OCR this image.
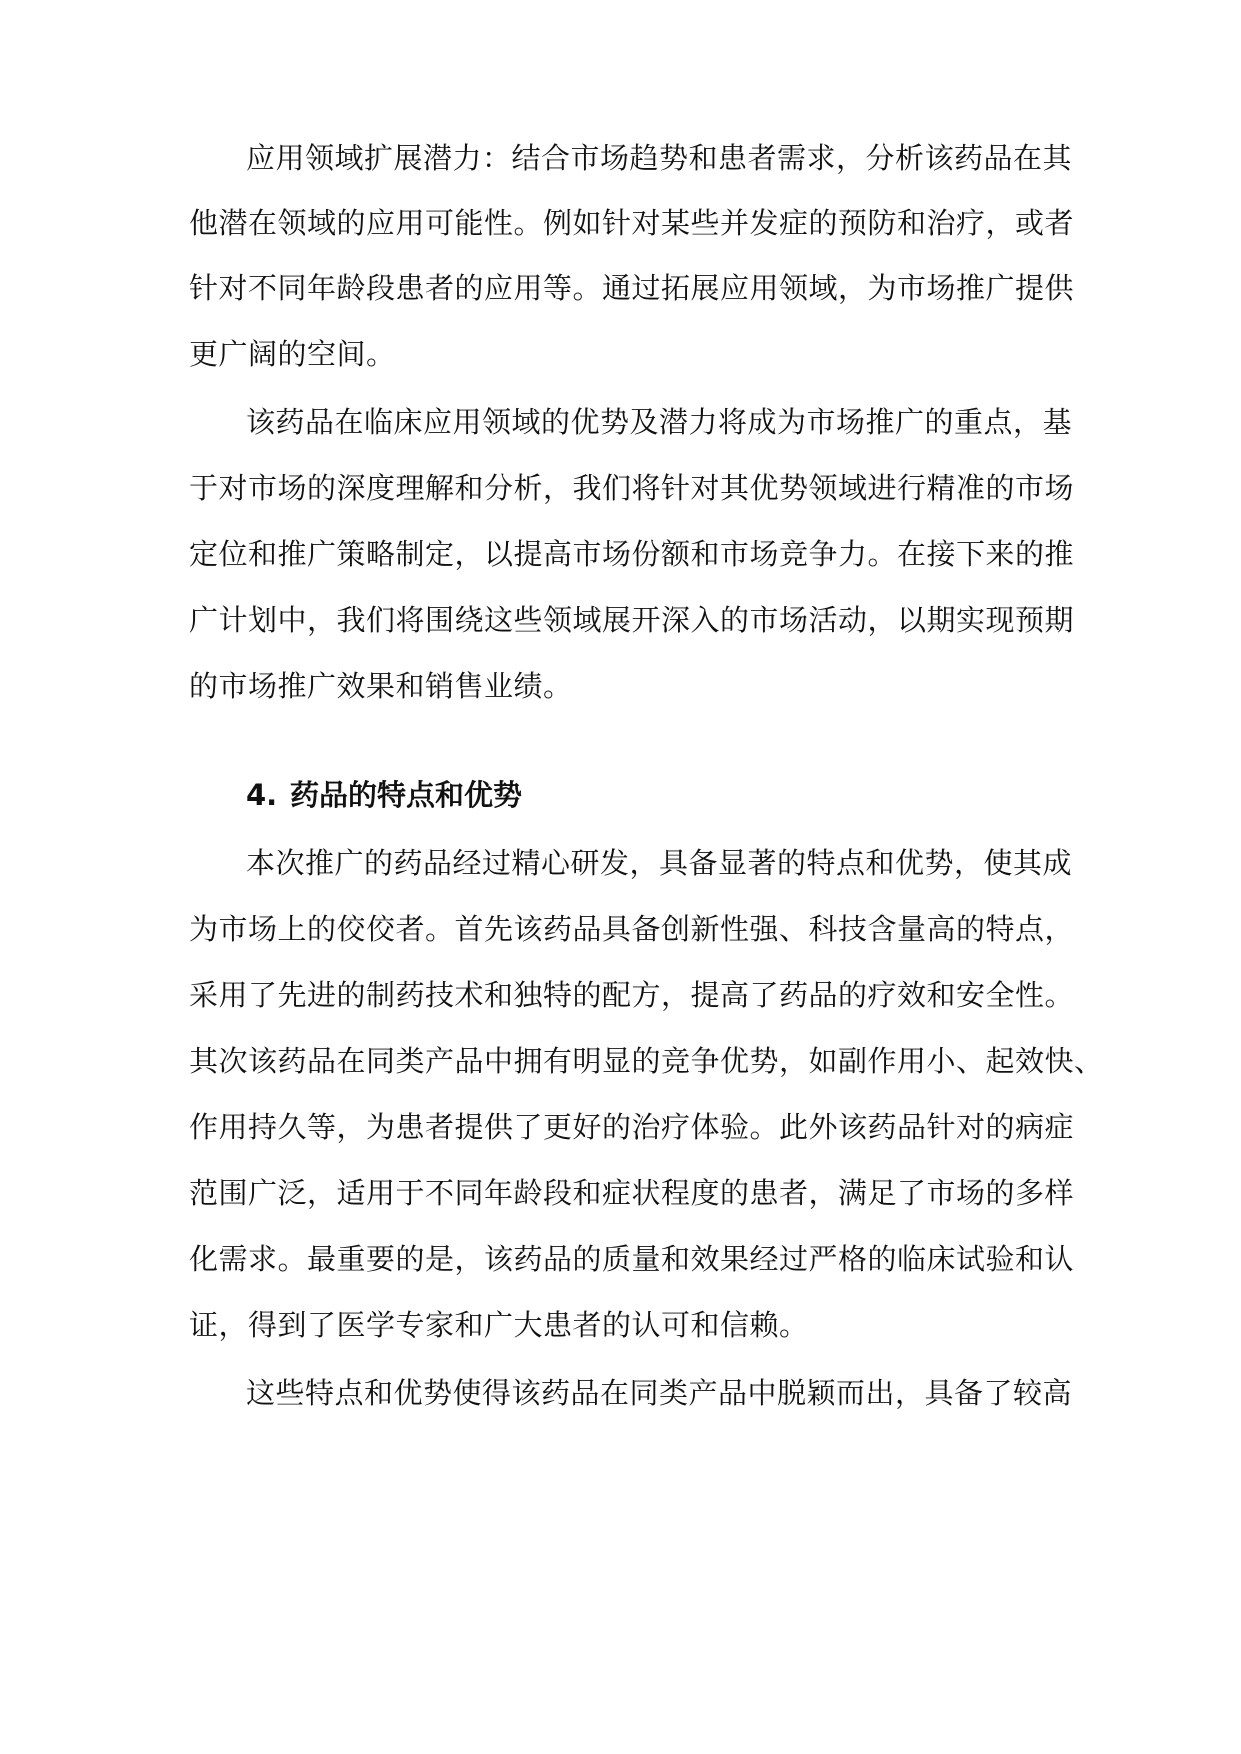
应用领域扩展潜力：结合市场趋势和患者需求，分析该药品在其
他潜在领域的应用可能性。例如针对某些并发症的预防和治疗，或者
针对不同年龄段患者的应用等。通过拓展应用领域，为市场推广提供
更广阔的空间。
该药品在临床应用领域的优势及潜力将成为市场推广的重点，基
于对市场的深度理解和分析，我们将针对其优势领域进行精准的市场
定位和推广策略制定，以提高市场份额和市场竞争力。在接下来的推
广计划中，我们将围绕这些领域展开深入的市场活动，以期实现预期
的市场推广效果和销售业绩。
4. 药品的特点和优势
本次推广的药品经过精心研发，具备显著的特点和优势，使其成
为市场上的佼佼者。首先该药品具备创新性强、科技含量高的特点，
采用了先进的制药技术和独特的配方，提高了药品的疗效和安全性。
其次该药品在同类产品中拥有明显的竞争优势，如副作用小、起效快、
作用持久等，为患者提供了更好的治疗体验。此外该药品针对的病症
范围广泛，适用于不同年龄段和症状程度的患者，满足了市场的多样
化需求。最重要的是，该药品的质量和效果经过严格的临床试验和认
证，得到了医学专家和广大患者的认可和信赖。
这些特点和优势使得该药品在同类产品中脱颖而出，具备了较高
